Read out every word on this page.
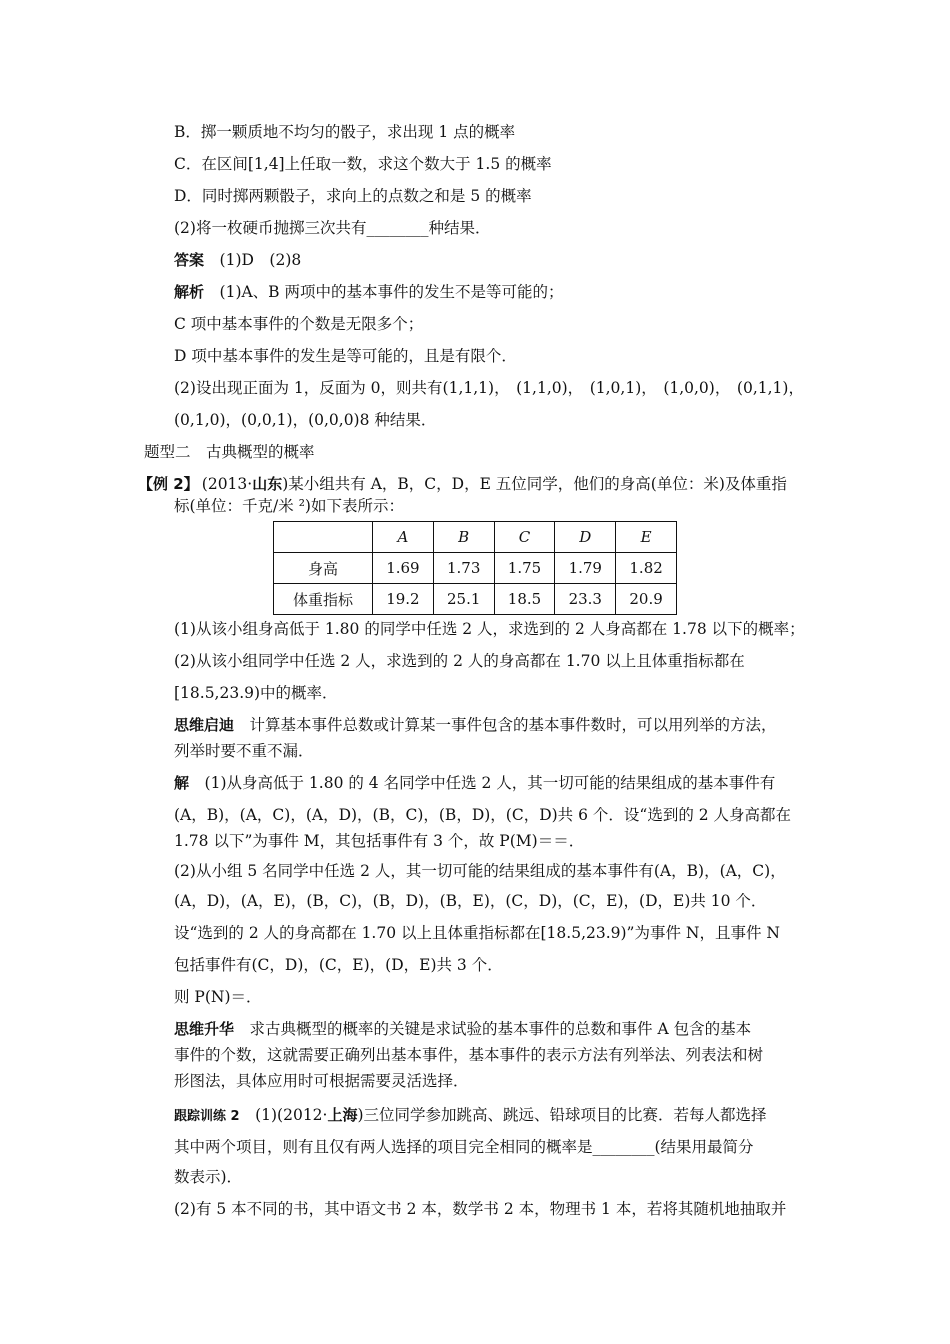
B．掷一颗质地不均匀的骰子，求出现 1 点的概率
C．在区间[1,4]上任取一数，求这个数大于 1.5 的概率
D．同时掷两颗骰子，求向上的点数之和是 5 的概率
(2)将一枚硬币抛掷三次共有________种结果．
答案　 (1)D　(2)8
解析　 (1)A、B 两项中的基本事件的发生不是等可能的；
C 项中基本事件的个数是无限多个；
D 项中基本事件的发生是等可能的，且是有限个．
(2)设出现正面为 1，反面为 0，则共有(1,1,1)， (1,1,0)， (1,0,1)， (1,0,0)， (0,1,1)，
(0,1,0)，(0,0,1)，(0,0,0)8 种结果．
题型二　古典概型的概率
【例 2】  (2013·山东)某小组共有 A，B，C，D，E 五位同学，他们的身高(单位：米)及体重指
标(单位：千克/米 ²)如下表所示：
	A	B	C	D	E
身高	1.69	1.73	1.75	1.79	1.82
体重指标	19.2	25.1	18.5	23.3	20.9
(1)从该小组身高低于 1.80 的同学中任选 2 人，求选到的 2 人身高都在 1.78 以下的概率；
(2)从该小组同学中任选 2 人，求选到的 2 人的身高都在 1.70 以上且体重指标都在
[18.5,23.9)中的概率．
思维启迪　 计算基本事件总数或计算某一事件包含的基本事件数时，可以用列举的方法，
列举时要不重不漏．
解　 (1)从身高低于 1.80 的 4 名同学中任选 2 人，其一切可能的结果组成的基本事件有
(A，B)，(A，C)，(A，D)，(B，C)，(B，D)，(C，D)共 6 个．设“选到的 2 人身高都在
1.78 以下”为事件 M，其包括事件有 3 个，故 P(M)＝＝．
(2)从小组 5 名同学中任选 2 人，其一切可能的结果组成的基本事件有(A，B)，(A，C)，
(A，D)，(A，E)，(B，C)，(B，D)，(B，E)，(C，D)，(C，E)，(D，E)共 10 个．
设“选到的 2 人的身高都在 1.70 以上且体重指标都在[18.5,23.9)”为事件 N，且事件 N
包括事件有(C，D)，(C，E)，(D，E)共 3 个．
则 P(N)＝．
思维升华　 求古典概型的概率的关键是求试验的基本事件的总数和事件 A 包含的基本
事件的个数，这就需要正确列出基本事件，基本事件的表示方法有列举法、列表法和树
形图法，具体应用时可根据需要灵活选择．
跟踪训练 2　 (1)(2012·上海)三位同学参加跳高、跳远、铅球项目的比赛．若每人都选择
其中两个项目，则有且仅有两人选择的项目完全相同的概率是________(结果用最简分
数表示)．
(2)有 5 本不同的书，其中语文书 2 本，数学书 2 本，物理书 1 本，若将其随机地抽取并
